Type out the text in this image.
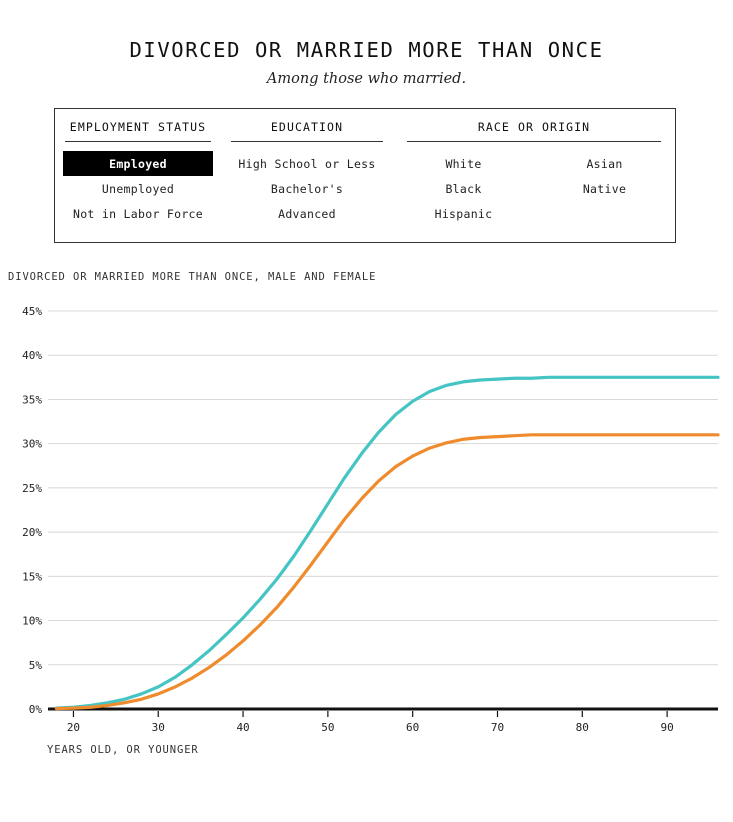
DIVORCED OR MARRIED MORE THAN ONCE
Among those who married.
EMPLOYMENT STATUS
Employed
Unemployed
Not in Labor Force
EDUCATION
High School or Less
Bachelor's
Advanced
RACE OR ORIGIN
White
Black
Hispanic
Asian
Native
DIVORCED OR MARRIED MORE THAN ONCE, MALE AND FEMALE
0%
5%
10%
15%
20%
25%
30%
35%
40%
45%
20	30	40	50	60	70	80	90
YEARS OLD, OR YOUNGER
